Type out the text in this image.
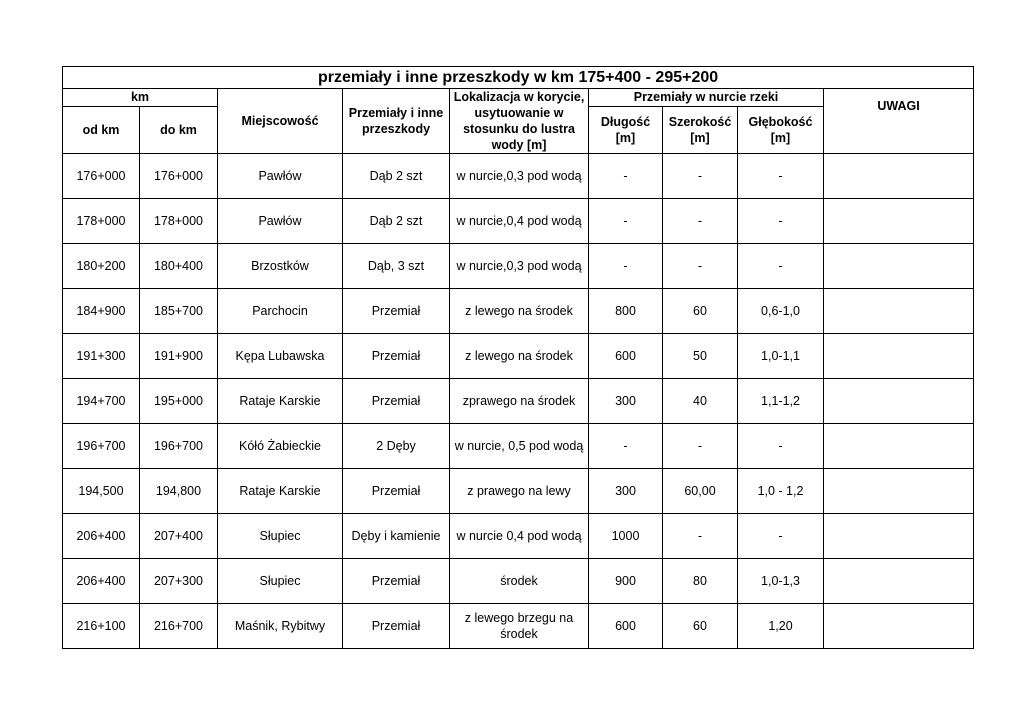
przemiały i inne przeszkody w km 175+400 - 295+200								
km		Miejscowość	Przemiały i inne przeszkody	Lokalizacja w korycie, usytuowanie w stosunku do lustra wody [m]	Przemiały w nurcie rzeki			UWAGI
od km	do km				Długość [m]	Szerokość [m]	Głębokość [m]	
176+000	176+000	Pawłów	Dąb 2 szt	w nurcie,0,3 pod wodą	-	-	-	
178+000	178+000	Pawłów	Dąb 2 szt	w nurcie,0,4 pod wodą	-	-	-	
180+200	180+400	Brzostków	Dąb, 3 szt	w nurcie,0,3 pod wodą	-	-	-	
184+900	185+700	Parchocin	Przemiał	z lewego na środek	800	60	0,6-1,0	
191+300	191+900	Kępa Lubawska	Przemiał	z lewego na środek	600	50	1,0-1,1	
194+700	195+000	Rataje Karskie	Przemiał	zprawego na środek	300	40	1,1-1,2	
196+700	196+700	Kółó Żabieckie	2 Dęby	w nurcie, 0,5 pod wodą	-	-	-	
194,500	194,800	Rataje Karskie	Przemiał	z prawego na lewy	300	60,00	1,0 - 1,2	
206+400	207+400	Słupiec	Dęby i kamienie	w nurcie 0,4 pod wodą	1000	-	-	
206+400	207+300	Słupiec	Przemiał	środek	900	80	1,0-1,3	
216+100	216+700	Maśnik, Rybitwy	Przemiał	z lewego brzegu na środek	600	60	1,20	
